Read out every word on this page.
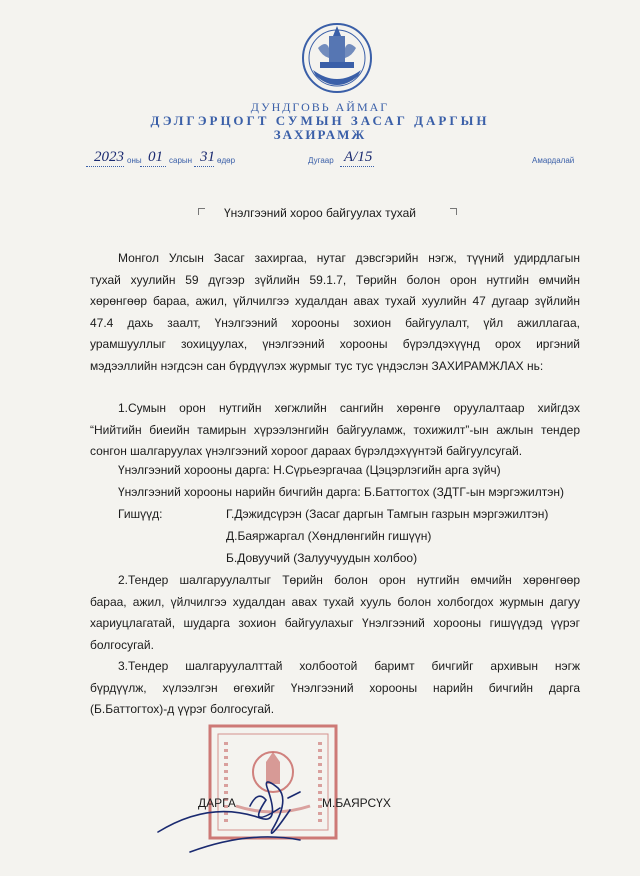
ДУНДГОВЬ АЙМАГ
ДЭЛГЭРЦОГТ СУМЫН ЗАСАГ ДАРГЫН
ЗАХИРАМЖ
2023 оны 01 сарын 31 өдөр	Дугаар А/15	Амардалай
Үнэлгээний хороо байгуулах тухай
Монгол Улсын Засаг захиргаа, нутаг дэвсгэрийн нэгж, түүний удирдлагын
тухай хуулийн 59 дүгээр зүйлийн 59.1.7, Төрийн болон орон нутгийн өмчийн
хөрөнгөөр бараа, ажил, үйлчилгээ худалдан авах тухай хуулийн 47 дугаар зүйлийн
47.4 дахь заалт, Үнэлгээний хорооны зохион байгуулалт, үйл ажиллагаа,
урамшууллыг зохицуулах, үнэлгээний хорооны бүрэлдэхүүнд орох иргэний
мэдээллийн нэгдсэн сан бүрдүүлэх журмыг тус тус үндэслэн ЗАХИРАМЖЛАХ нь:
1.Сумын орон нутгийн хөгжлийн сангийн хөрөнгө оруулалтаар хийгдэх
“Нийтийн биеийн тамирын хүрээлэнгийн байгууламж, тохижилт”-ын ажлын тендер
сонгон шалгаруулах үнэлгээний хороог дараах бүрэлдэхүүнтэй байгуулсугай.
Үнэлгээний хорооны дарга: Н.Сүрьеэргачаа (Цэцэрлэгийн арга зүйч)
Үнэлгээний хорооны нарийн бичгийн дарга: Б.Баттогтох (ЗДТГ-ын мэргэжилтэн)
Гишүүд:	Г.Дэжидсүрэн (Засаг даргын Тамгын газрын мэргэжилтэн)
Д.Баяржаргал (Хөндлөнгийн гишүүн)
Б.Довуучий (Залуучуудын холбоо)
2.Тендер шалгаруулалтыг Төрийн болон орон нутгийн өмчийн хөрөнгөөр
бараа, ажил, үйлчилгээ худалдан авах тухай хууль болон холбогдох журмын дагуу
хариуцлагатай, шударга зохион байгуулахыг Үнэлгээний хорооны гишүүдэд үүрэг
болгосугай.
3.Тендер шалгаруулалттай холбоотой баримт бичгийг архивын нэгж
бүрдүүлж, хүлээлгэн өгөхийг Үнэлгээний хорооны нарийн бичгийн дарга
(Б.Баттогтох)-д үүрэг болгосугай.
ДАРГА	М.БАЯРСҮХ
